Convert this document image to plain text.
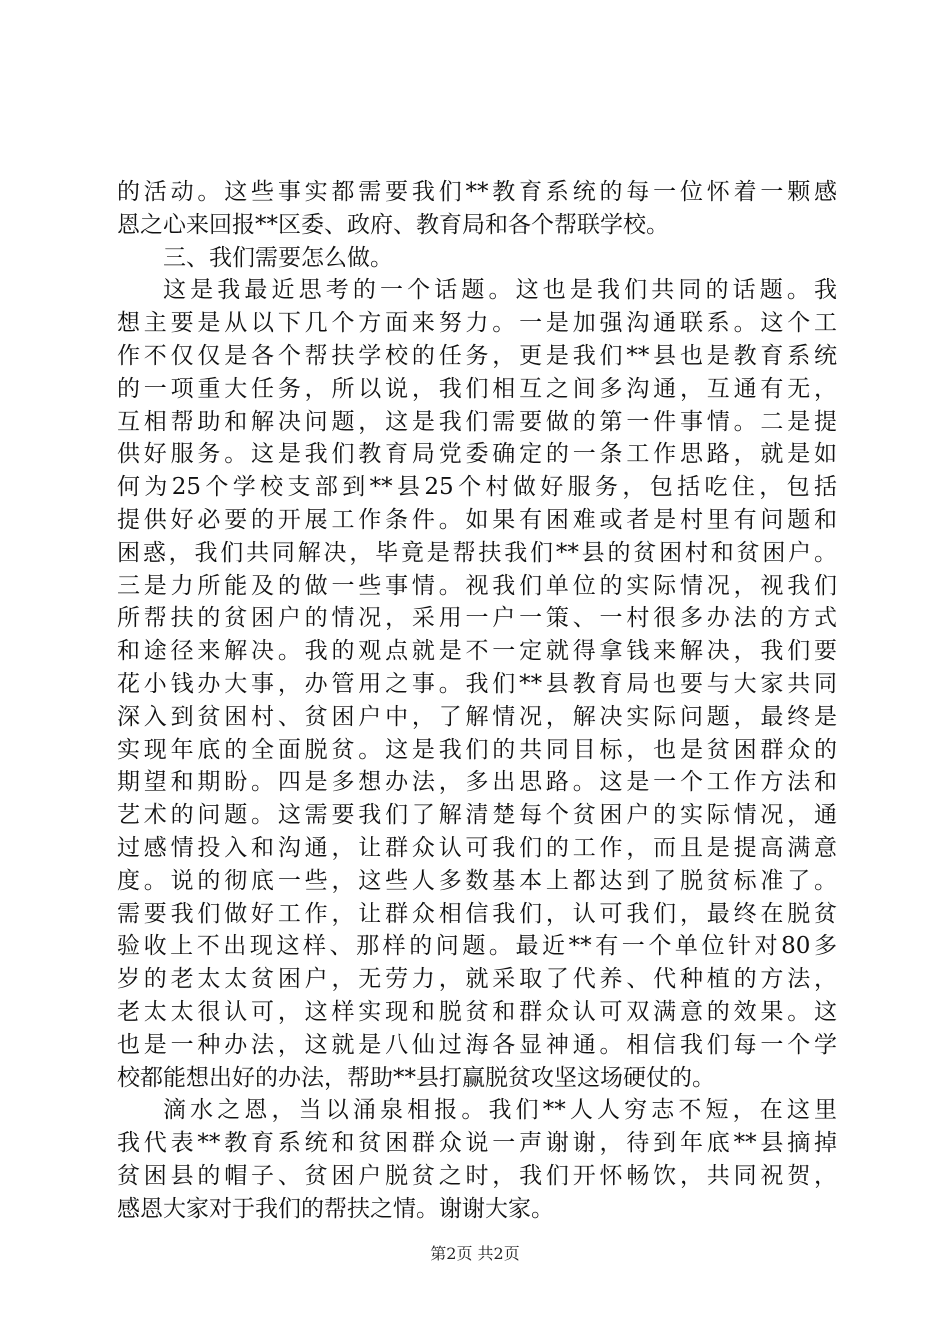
的活动。这些事实都需要我们**教育系统的每一位怀着一颗感
恩之心来回报**区委、政府、教育局和各个帮联学校。
三、我们需要怎么做。
这是我最近思考的一个话题。这也是我们共同的话题。我
想主要是从以下几个方面来努力。一是加强沟通联系。这个工
作不仅仅是各个帮扶学校的任务，更是我们**县也是教育系统
的一项重大任务，所以说，我们相互之间多沟通，互通有无，
互相帮助和解决问题，这是我们需要做的第一件事情。二是提
供好服务。这是我们教育局党委确定的一条工作思路，就是如
何为25个学校支部到**县25个村做好服务，包括吃住，包括
提供好必要的开展工作条件。如果有困难或者是村里有问题和
困惑，我们共同解决，毕竟是帮扶我们**县的贫困村和贫困户。
三是力所能及的做一些事情。视我们单位的实际情况，视我们
所帮扶的贫困户的情况，采用一户一策、一村很多办法的方式
和途径来解决。我的观点就是不一定就得拿钱来解决，我们要
花小钱办大事，办管用之事。我们**县教育局也要与大家共同
深入到贫困村、贫困户中，了解情况，解决实际问题，最终是
实现年底的全面脱贫。这是我们的共同目标，也是贫困群众的
期望和期盼。四是多想办法，多出思路。这是一个工作方法和
艺术的问题。这需要我们了解清楚每个贫困户的实际情况，通
过感情投入和沟通，让群众认可我们的工作，而且是提高满意
度。说的彻底一些，这些人多数基本上都达到了脱贫标准了。
需要我们做好工作，让群众相信我们，认可我们，最终在脱贫
验收上不出现这样、那样的问题。最近**有一个单位针对80多
岁的老太太贫困户，无劳力，就采取了代养、代种植的方法，
老太太很认可，这样实现和脱贫和群众认可双满意的效果。这
也是一种办法，这就是八仙过海各显神通。相信我们每一个学
校都能想出好的办法，帮助**县打赢脱贫攻坚这场硬仗的。
滴水之恩，当以涌泉相报。我们**人人穷志不短，在这里
我代表**教育系统和贫困群众说一声谢谢，待到年底**县摘掉
贫困县的帽子、贫困户脱贫之时，我们开怀畅饮，共同祝贺，
感恩大家对于我们的帮扶之情。谢谢大家。
第2页 共2页
